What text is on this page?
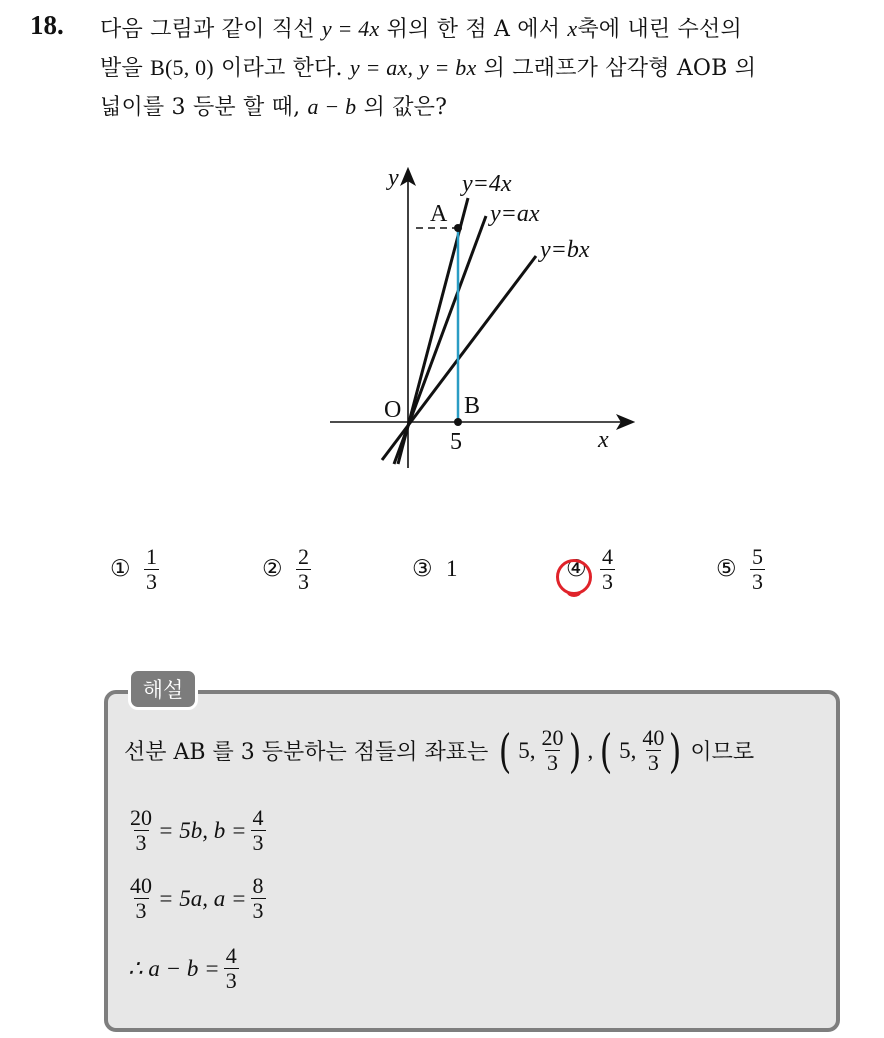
18. 다음 그림과 같이 직선 y = 4x 위의 한 점 A 에서 x축에 내린 수선의
발을 B(5, 0) 이라고 한다. y = ax, y = bx 의 그래프가 삼각형 AOB 의
넓이를 3 등분 할 때, a − b 의 값은?
y
x
y=4x
y=ax
y=bx
A
O	B
5
① $\frac{1}{3}$	② $\frac{2}{3}$	③ 1	④ $\frac{4}{3}$	⑤ $\frac{5}{3}$
해설
선분 AB 를 3 등분하는 점들의 좌표는 ( 5, $\frac{20}{3}$ ) , ( 5, $\frac{40}{3}$ ) 이므로
$\frac{20}{3} = 5b$, $b = \frac{4}{3}$
$\frac{40}{3} = 5a$, $a = \frac{8}{3}$
∴ $a - b = \frac{4}{3}$
